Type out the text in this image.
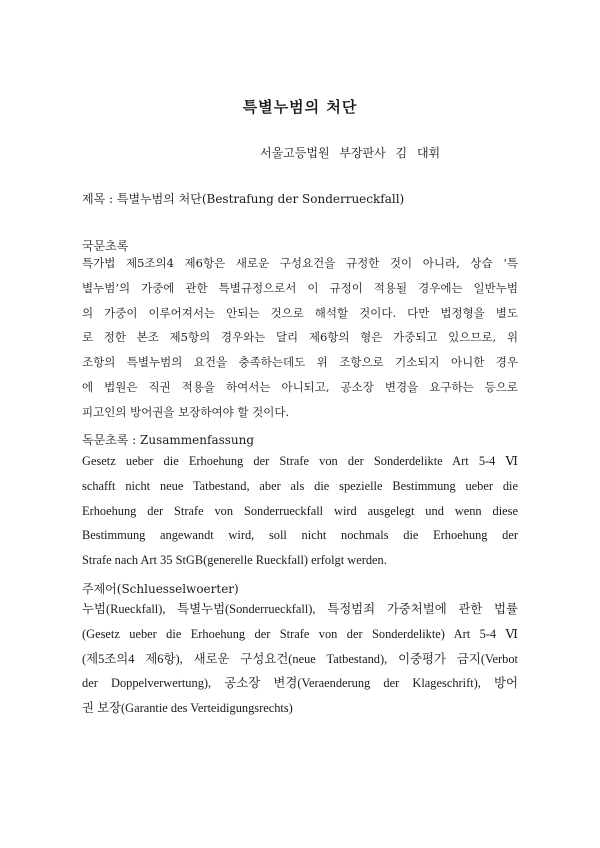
특별누범의 처단
서울고등법원 부장판사 김 대휘
제목 : 특별누범의 처단(Bestrafung der Sonderrueckfall)
국문초록
특가법 제5조의4 제6항은 새로운 구성요건을 규정한 것이 아니라, 상습 ‘특
별누범’의 가중에 관한 특별규정으로서 이 규정이 적용될 경우에는 일반누범
의 가중이 이루어져서는 안되는 것으로 해석할 것이다. 다만 법정형을 별도
로 정한 본조 제5항의 경우와는 달리 제6항의 형은 가중되고 있으므로, 위
조항의 특별누범의 요건을 충족하는데도 위 조항으로 기소되지 아니한 경우
에 법원은 직권 적용을 하여서는 아니되고, 공소장 변경을 요구하는 등으로
피고인의 방어권을 보장하여야 할 것이다.
독문초록 : Zusammenfassung
Gesetz ueber die Erhoehung der Strafe von der Sonderdelikte Art 5-4 Ⅵ
schafft nicht neue Tatbestand, aber als die spezielle Bestimmung ueber die
Erhoehung der Strafe von Sonderrueckfall wird ausgelegt und wenn diese
Bestimmung angewandt wird, soll nicht nochmals die Erhoehung der
Strafe nach Art 35 StGB(generelle Rueckfall) erfolgt werden.
주제어(Schluesselwoerter)
누범(Rueckfall), 특별누범(Sonderrueckfall), 특정범죄 가중처벌에 관한 법률
(Gesetz ueber die Erhoehung der Strafe von der Sonderdelikte) Art 5-4 Ⅵ
(제5조의4 제6항), 새로운 구성요건(neue Tatbestand), 이중평가 금지(Verbot
der Doppelverwertung), 공소장 변경(Veraenderung der Klageschrift), 방어
권 보장(Garantie des Verteidigungsrechts)
